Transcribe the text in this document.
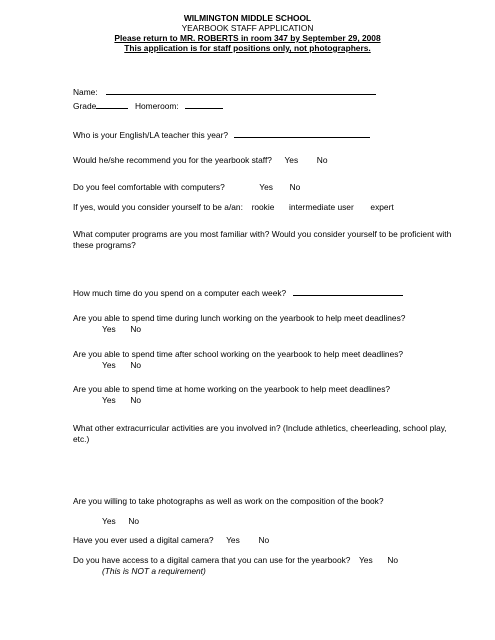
WILMINGTON MIDDLE SCHOOL
YEARBOOK STAFF APPLICATION
Please return to MR. ROBERTS in room 347 by September 29, 2008
This application is for staff positions only, not photographers.
Name:
Grade	Homeroom:
Who is your English/LA teacher this year?
Would he/she recommend you for the yearbook staff? Yes No
Do you feel comfortable with computers?	Yes No
If yes, would you consider yourself to be a/an: rookie intermediate user expert
What computer programs are you most familiar with? Would you consider yourself to be proficient with these programs?
How much time do you spend on a computer each week?
Are you able to spend time during lunch working on the yearbook to help meet deadlines?
Yes No
Are you able to spend time after school working on the yearbook to help meet deadlines?
Yes No
Are you able to spend time at home working on the yearbook to help meet deadlines?
Yes No
What other extracurricular activities are you involved in? (Include athletics, cheerleading, school play, etc.)
Are you willing to take photographs as well as work on the composition of the book?
Yes No
Have you ever used a digital camera? Yes No
Do you have access to a digital camera that you can use for the yearbook? Yes No
(This is NOT a requirement)
